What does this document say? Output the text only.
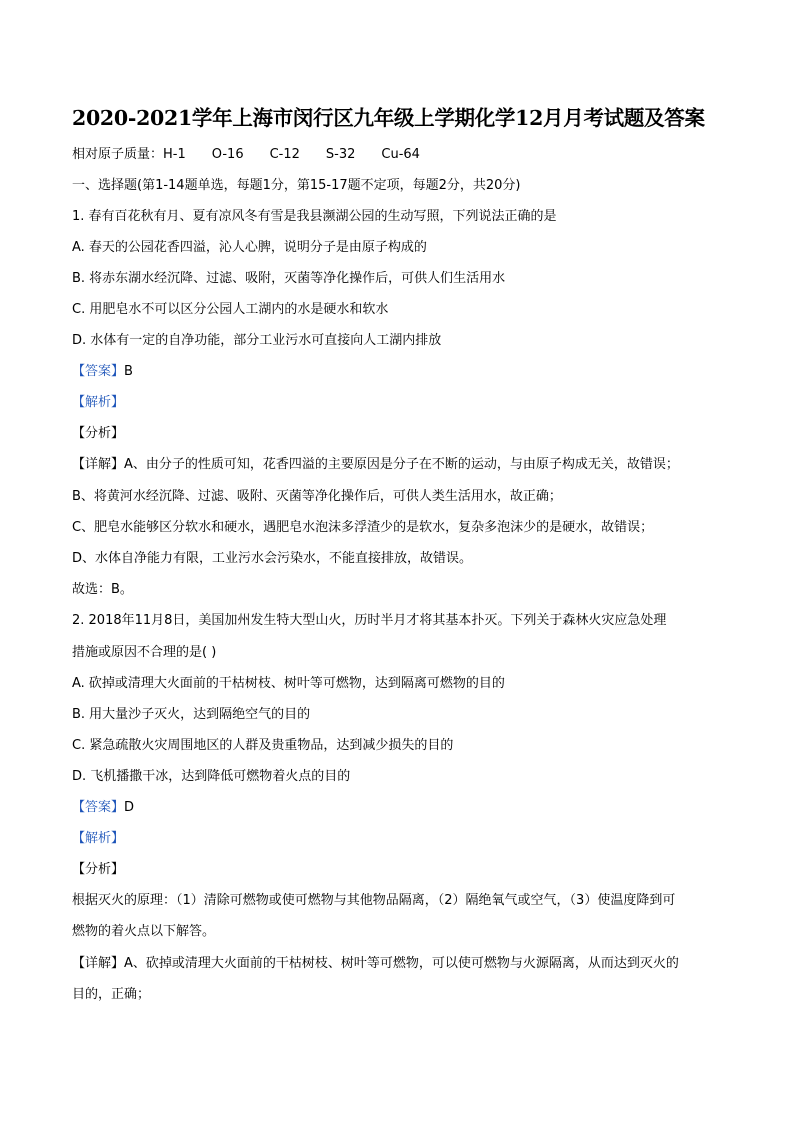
2020-2021学年上海市闵行区九年级上学期化学12月月考试题及答案
相对原子质量：H-1 O-16 C-12 S-32 Cu-64
一、选择题(第1-14题单选，每题1分，第15-17题不定项，每题2分，共20分)
1. 春有百花秋有月、夏有凉风冬有雪是我县濒湖公园的生动写照，下列说法正确的是
A. 春天的公园花香四溢，沁人心脾，说明分子是由原子构成的
B. 将赤东湖水经沉降、过滤、吸附，灭菌等净化操作后，可供人们生活用水
C. 用肥皂水不可以区分公园人工湖内的水是硬水和软水
D. 水体有一定的自净功能，部分工业污水可直接向人工湖内排放
【答案】B
【解析】
【分析】
【详解】A、由分子的性质可知，花香四溢的主要原因是分子在不断的运动，与由原子构成无关，故错误；
B、将黄河水经沉降、过滤、吸附、灭菌等净化操作后，可供人类生活用水，故正确；
C、肥皂水能够区分软水和硬水，遇肥皂水泡沫多浮渣少的是软水，复杂多泡沫少的是硬水，故错误；
D、水体自净能力有限，工业污水会污染水，不能直接排放，故错误。
故选：B。
2. 2018年11月8日，美国加州发生特大型山火，历时半月才将其基本扑灭。下列关于森林火灾应急处理
措施或原因不合理的是( )
A. 砍掉或清理大火面前的干枯树枝、树叶等可燃物，达到隔离可燃物的目的
B. 用大量沙子灭火，达到隔绝空气的目的
C. 紧急疏散火灾周围地区的人群及贵重物品，达到减少损失的目的
D. 飞机播撒干冰，达到降低可燃物着火点的目的
【答案】D
【解析】
【分析】
根据灭火的原理：（1）清除可燃物或使可燃物与其他物品隔离，（2）隔绝氧气或空气，（3）使温度降到可
燃物的着火点以下解答。
【详解】A、砍掉或清理大火面前的干枯树枝、树叶等可燃物，可以使可燃物与火源隔离，从而达到灭火的
目的，正确；
